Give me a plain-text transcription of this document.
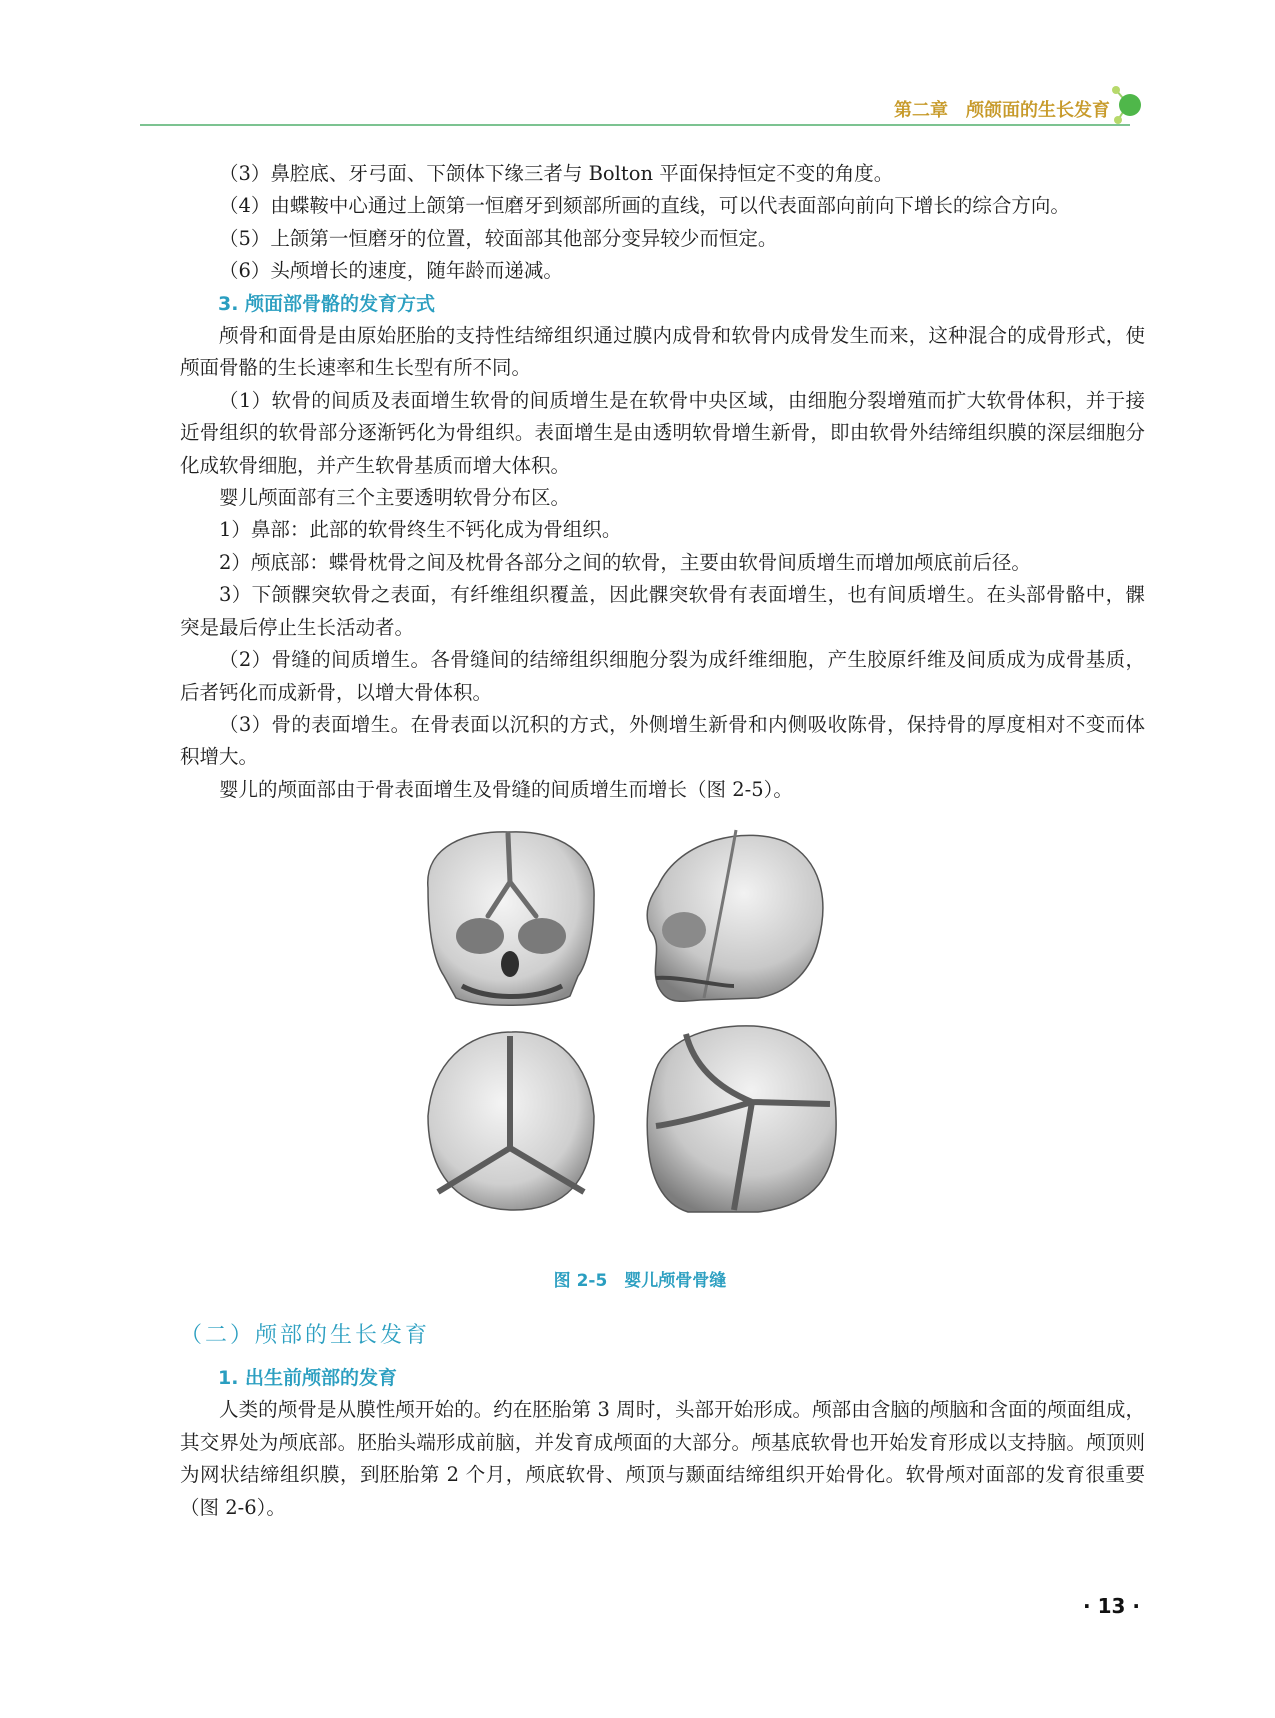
第二章　颅颌面的生长发育

（3）鼻腔底、牙弓面、下颌体下缘三者与 Bolton 平面保持恒定不变的角度。

（4）由蝶鞍中心通过上颌第一恒磨牙到颏部所画的直线，可以代表面部向前向下增长的综合方向。

（5）上颌第一恒磨牙的位置，较面部其他部分变异较少而恒定。

（6）头颅增长的速度，随年龄而递减。

3. 颅面部骨骼的发育方式

颅骨和面骨是由原始胚胎的支持性结缔组织通过膜内成骨和软骨内成骨发生而来，这种混合的成骨形式，使颅面骨骼的生长速率和生长型有所不同。

（1）软骨的间质及表面增生软骨的间质增生是在软骨中央区域，由细胞分裂增殖而扩大软骨体积，并于接近骨组织的软骨部分逐渐钙化为骨组织。表面增生是由透明软骨增生新骨，即由软骨外结缔组织膜的深层细胞分化成软骨细胞，并产生软骨基质而增大体积。

婴儿颅面部有三个主要透明软骨分布区。

1）鼻部：此部的软骨终生不钙化成为骨组织。

2）颅底部：蝶骨枕骨之间及枕骨各部分之间的软骨，主要由软骨间质增生而增加颅底前后径。

3）下颌髁突软骨之表面，有纤维组织覆盖，因此髁突软骨有表面增生，也有间质增生。在头部骨骼中，髁突是最后停止生长活动者。

（2）骨缝的间质增生。各骨缝间的结缔组织细胞分裂为成纤维细胞，产生胶原纤维及间质成为成骨基质，后者钙化而成新骨，以增大骨体积。

（3）骨的表面增生。在骨表面以沉积的方式，外侧增生新骨和内侧吸收陈骨，保持骨的厚度相对不变而体积增大。

婴儿的颅面部由于骨表面增生及骨缝的间质增生而增长（图 2-5）。

图 2-5　婴儿颅骨骨缝
（二）颅部的生长发育

1. 出生前颅部的发育

人类的颅骨是从膜性颅开始的。约在胚胎第 3 周时，头部开始形成。颅部由含脑的颅脑和含面的颅面组成，其交界处为颅底部。胚胎头端形成前脑，并发育成颅面的大部分。颅基底软骨也开始发育形成以支持脑。颅顶则为网状结缔组织膜，到胚胎第 2 个月，颅底软骨、颅顶与颞面结缔组织开始骨化。软骨颅对面部的发育很重要（图 2-6）。

· 13 ·
